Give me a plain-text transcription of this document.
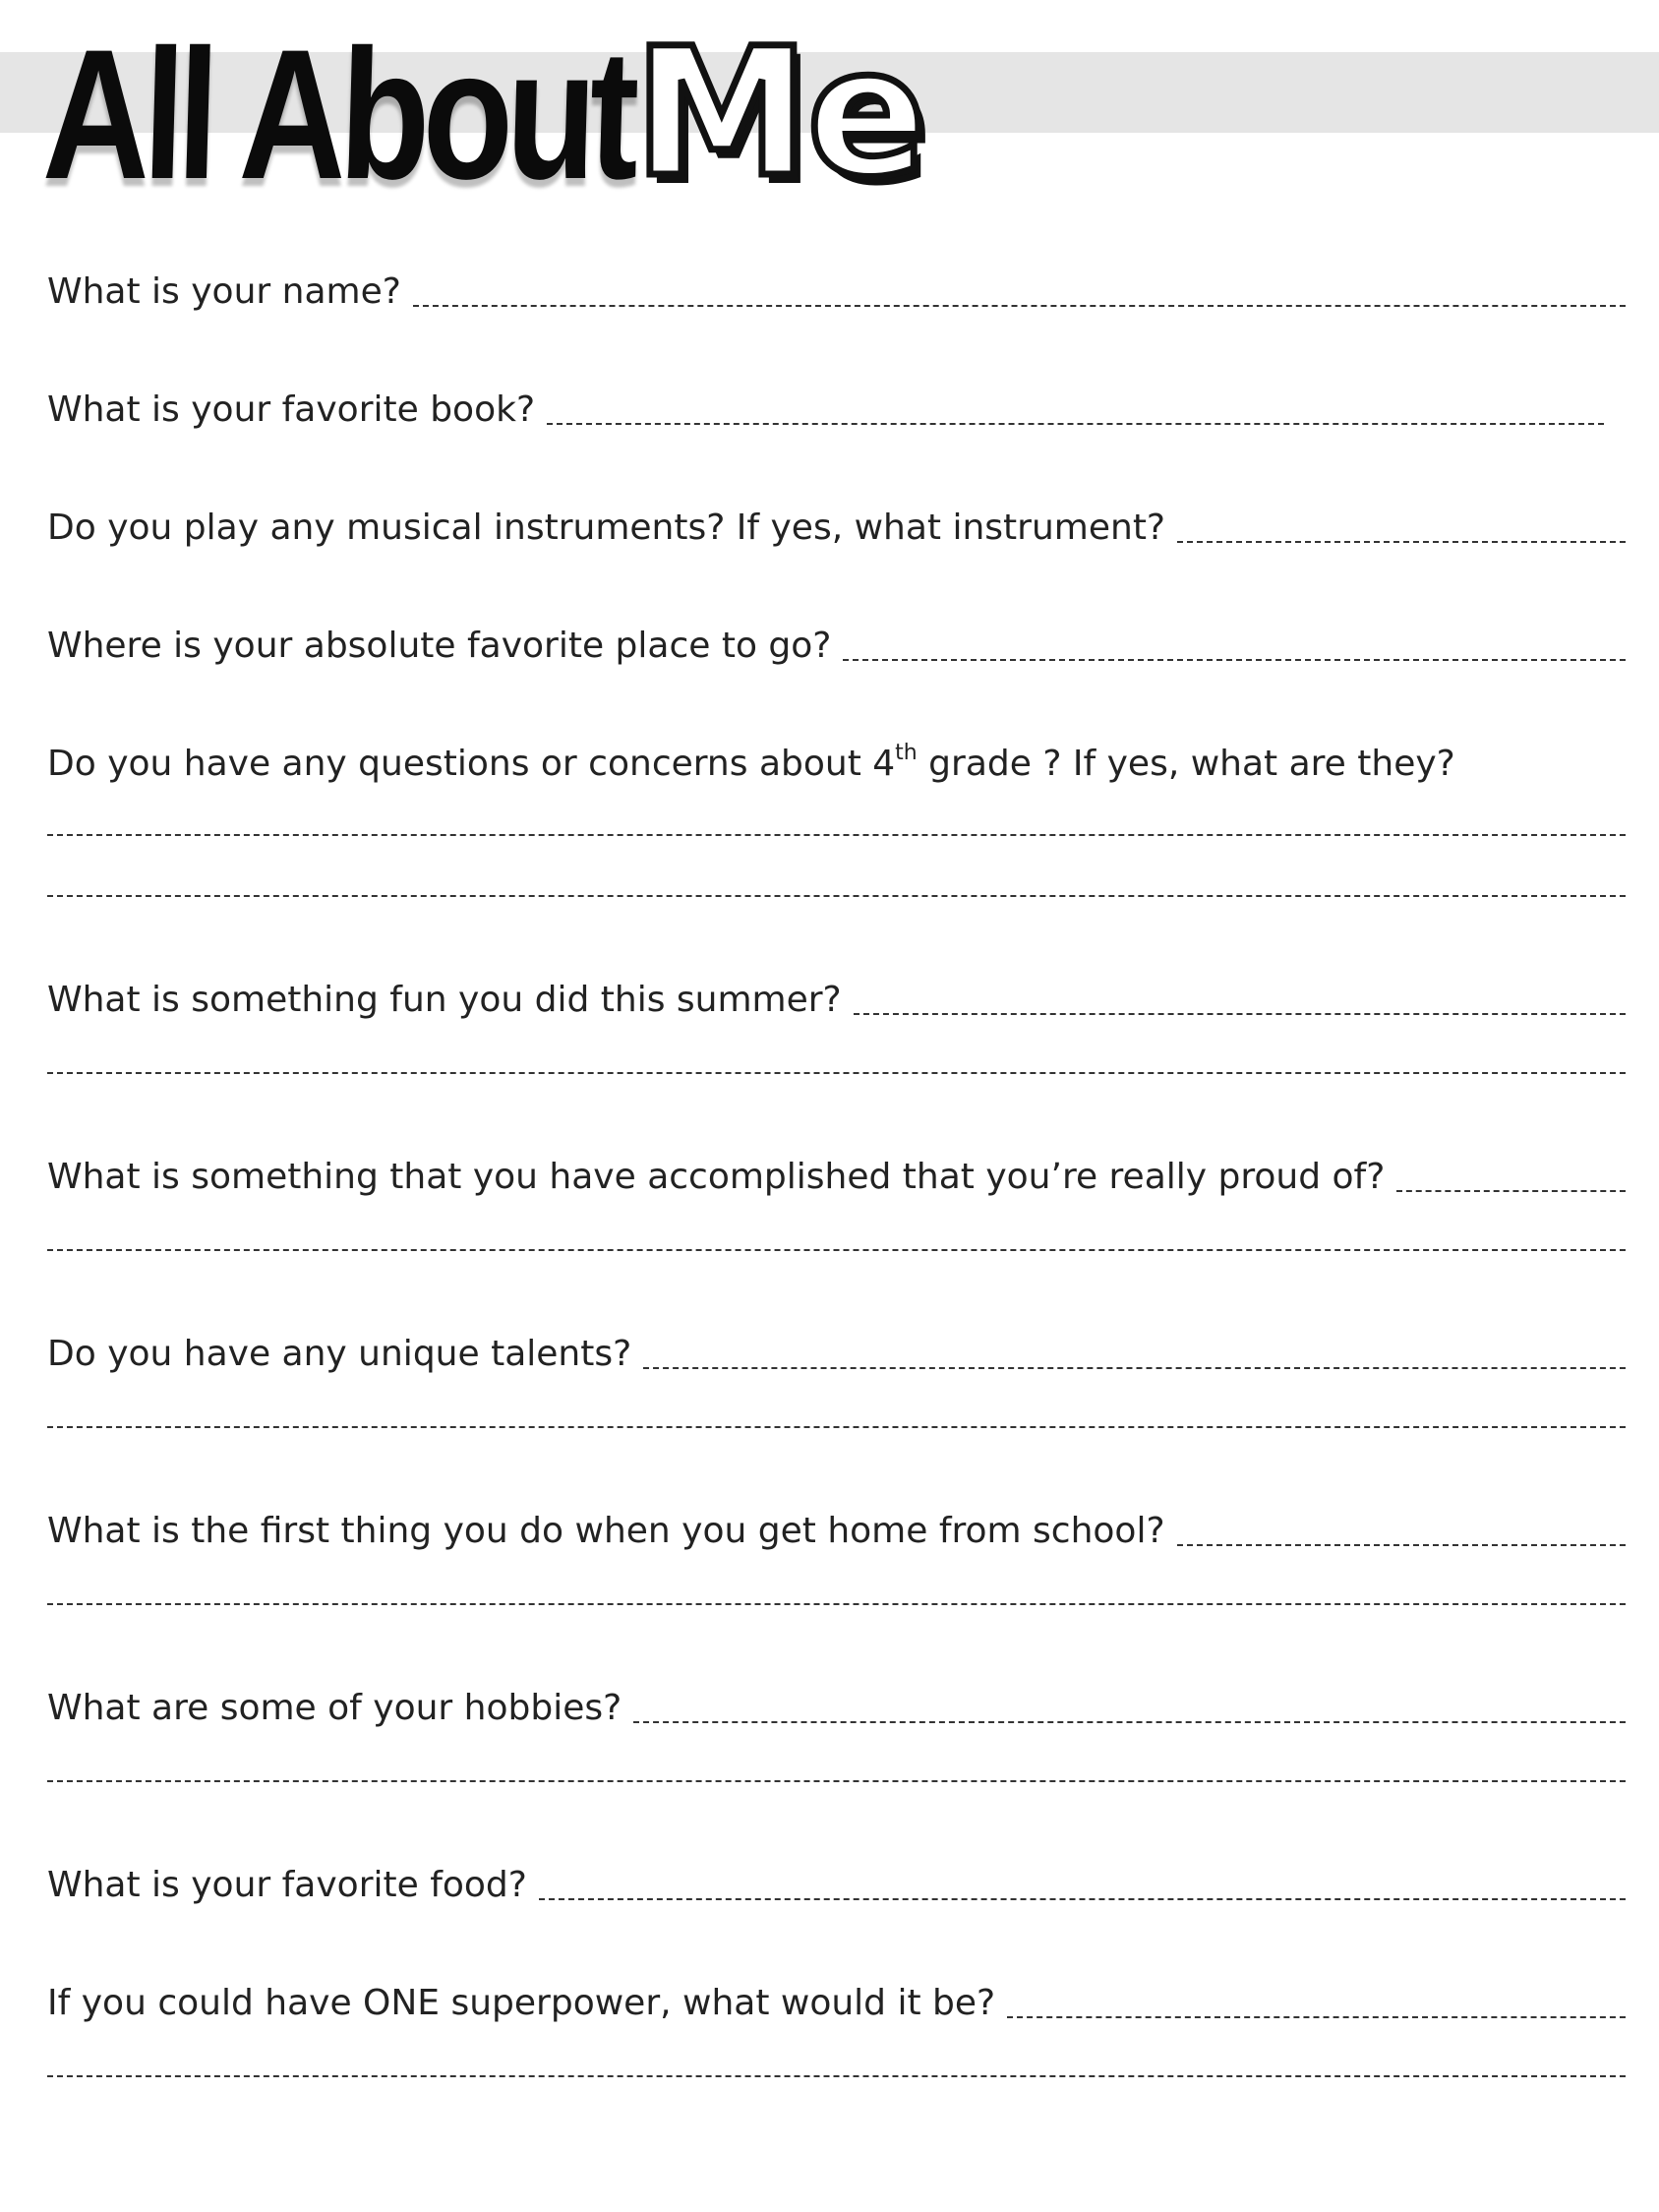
All About
Me
What is your name?
What is your favorite book?
Do you play any musical instruments? If yes, what instrument?
Where is your absolute favorite place to go?
Do you have any questions or concerns about 4th grade ? If yes, what are they?
What is something fun you did this summer?
What is something that you have accomplished that you’re really proud of?
Do you have any unique talents?
What is the first thing you do when you get home from school?
What are some of your hobbies?
What is your favorite food?
If you could have ONE superpower, what would it be?
